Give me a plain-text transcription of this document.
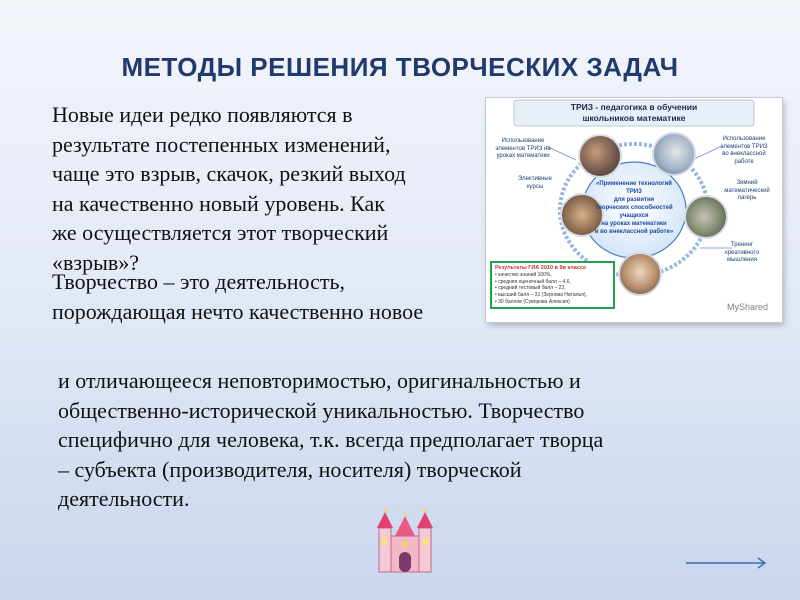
МЕТОДЫ РЕШЕНИЯ ТВОРЧЕСКИХ ЗАДАЧ
Новые идеи редко появляются в
результате постепенных изменений,
чаще это взрыв, скачок, резкий выход
на качественно новый уровень. Как
же осуществляется этот творческий
«взрыв»?
Творчество – это деятельность,
порождающая нечто качественно новое
и отличающееся неповторимостью, оригинальностью и
общественно-исторической уникальностью. Творчество
специфично для человека, т.к. всегда предполагает творца
– субъекта (производителя, носителя) творческой
деятельности.
ТРИЗ - педагогика в обучении
школьников математике
Использование
элементов ТРИЗ на
уроках математики
Использование
элементов ТРИЗ
во внеклассной
работе
Элективные
курсы
Зимний
математический
лагерь
Тренинг
креативного
мышления
«Применение технологий
ТРИЗ
для развития
творческих способностей
учащихся
на уроках математики
и во внеклассной работе»
Результаты ГИА 2010 в 9в классе
• качество знаний 100%,
• средняя оценочный балл – 4,6,
• средний тестовый балл – 23,
• высший балл – 31 (Зернова Наталья),
• 30 баллов (Суворова Алексия)
MyShared
